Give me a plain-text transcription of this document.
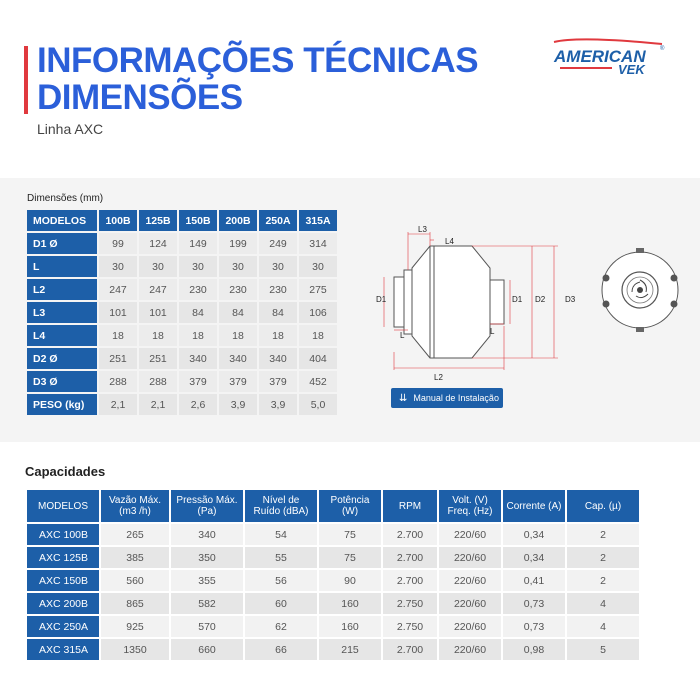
INFORMAÇÕES TÉCNICAS
DIMENSÕES
Linha AXC
AMERICAN ®
VEK
Dimensões (mm)
MODELOS	100B	125B	150B	200B	250A	315A
D1 Ø	99	124	149	199	249	314
L	30	30	30	30	30	30
L2	247	247	230	230	230	275
L3	101	101	84	84	84	106
L4	18	18	18	18	18	18
D2 Ø	251	251	340	340	340	404
D3 Ø	288	288	379	379	379	452
PESO (kg)	2,1	2,1	2,6	3,9	3,9	5,0
L3
L4
D1	D1 D2 D3
L	L
L2
⇊ Manual de Instalação
Capacidades
MODELOS	Vazão Máx. (m3 /h)	Pressão Máx. (Pa)	Nível de Ruído (dBA)	Potência (W)	RPM	Volt. (V) Freq. (Hz)	Corrente (A)	Cap. (µ)
AXC 100B	265	340	54	75	2.700	220/60	0,34	2
AXC 125B	385	350	55	75	2.700	220/60	0,34	2
AXC 150B	560	355	56	90	2.700	220/60	0,41	2
AXC 200B	865	582	60	160	2.750	220/60	0,73	4
AXC 250A	925	570	62	160	2.750	220/60	0,73	4
AXC 315A	1350	660	66	215	2.700	220/60	0,98	5
